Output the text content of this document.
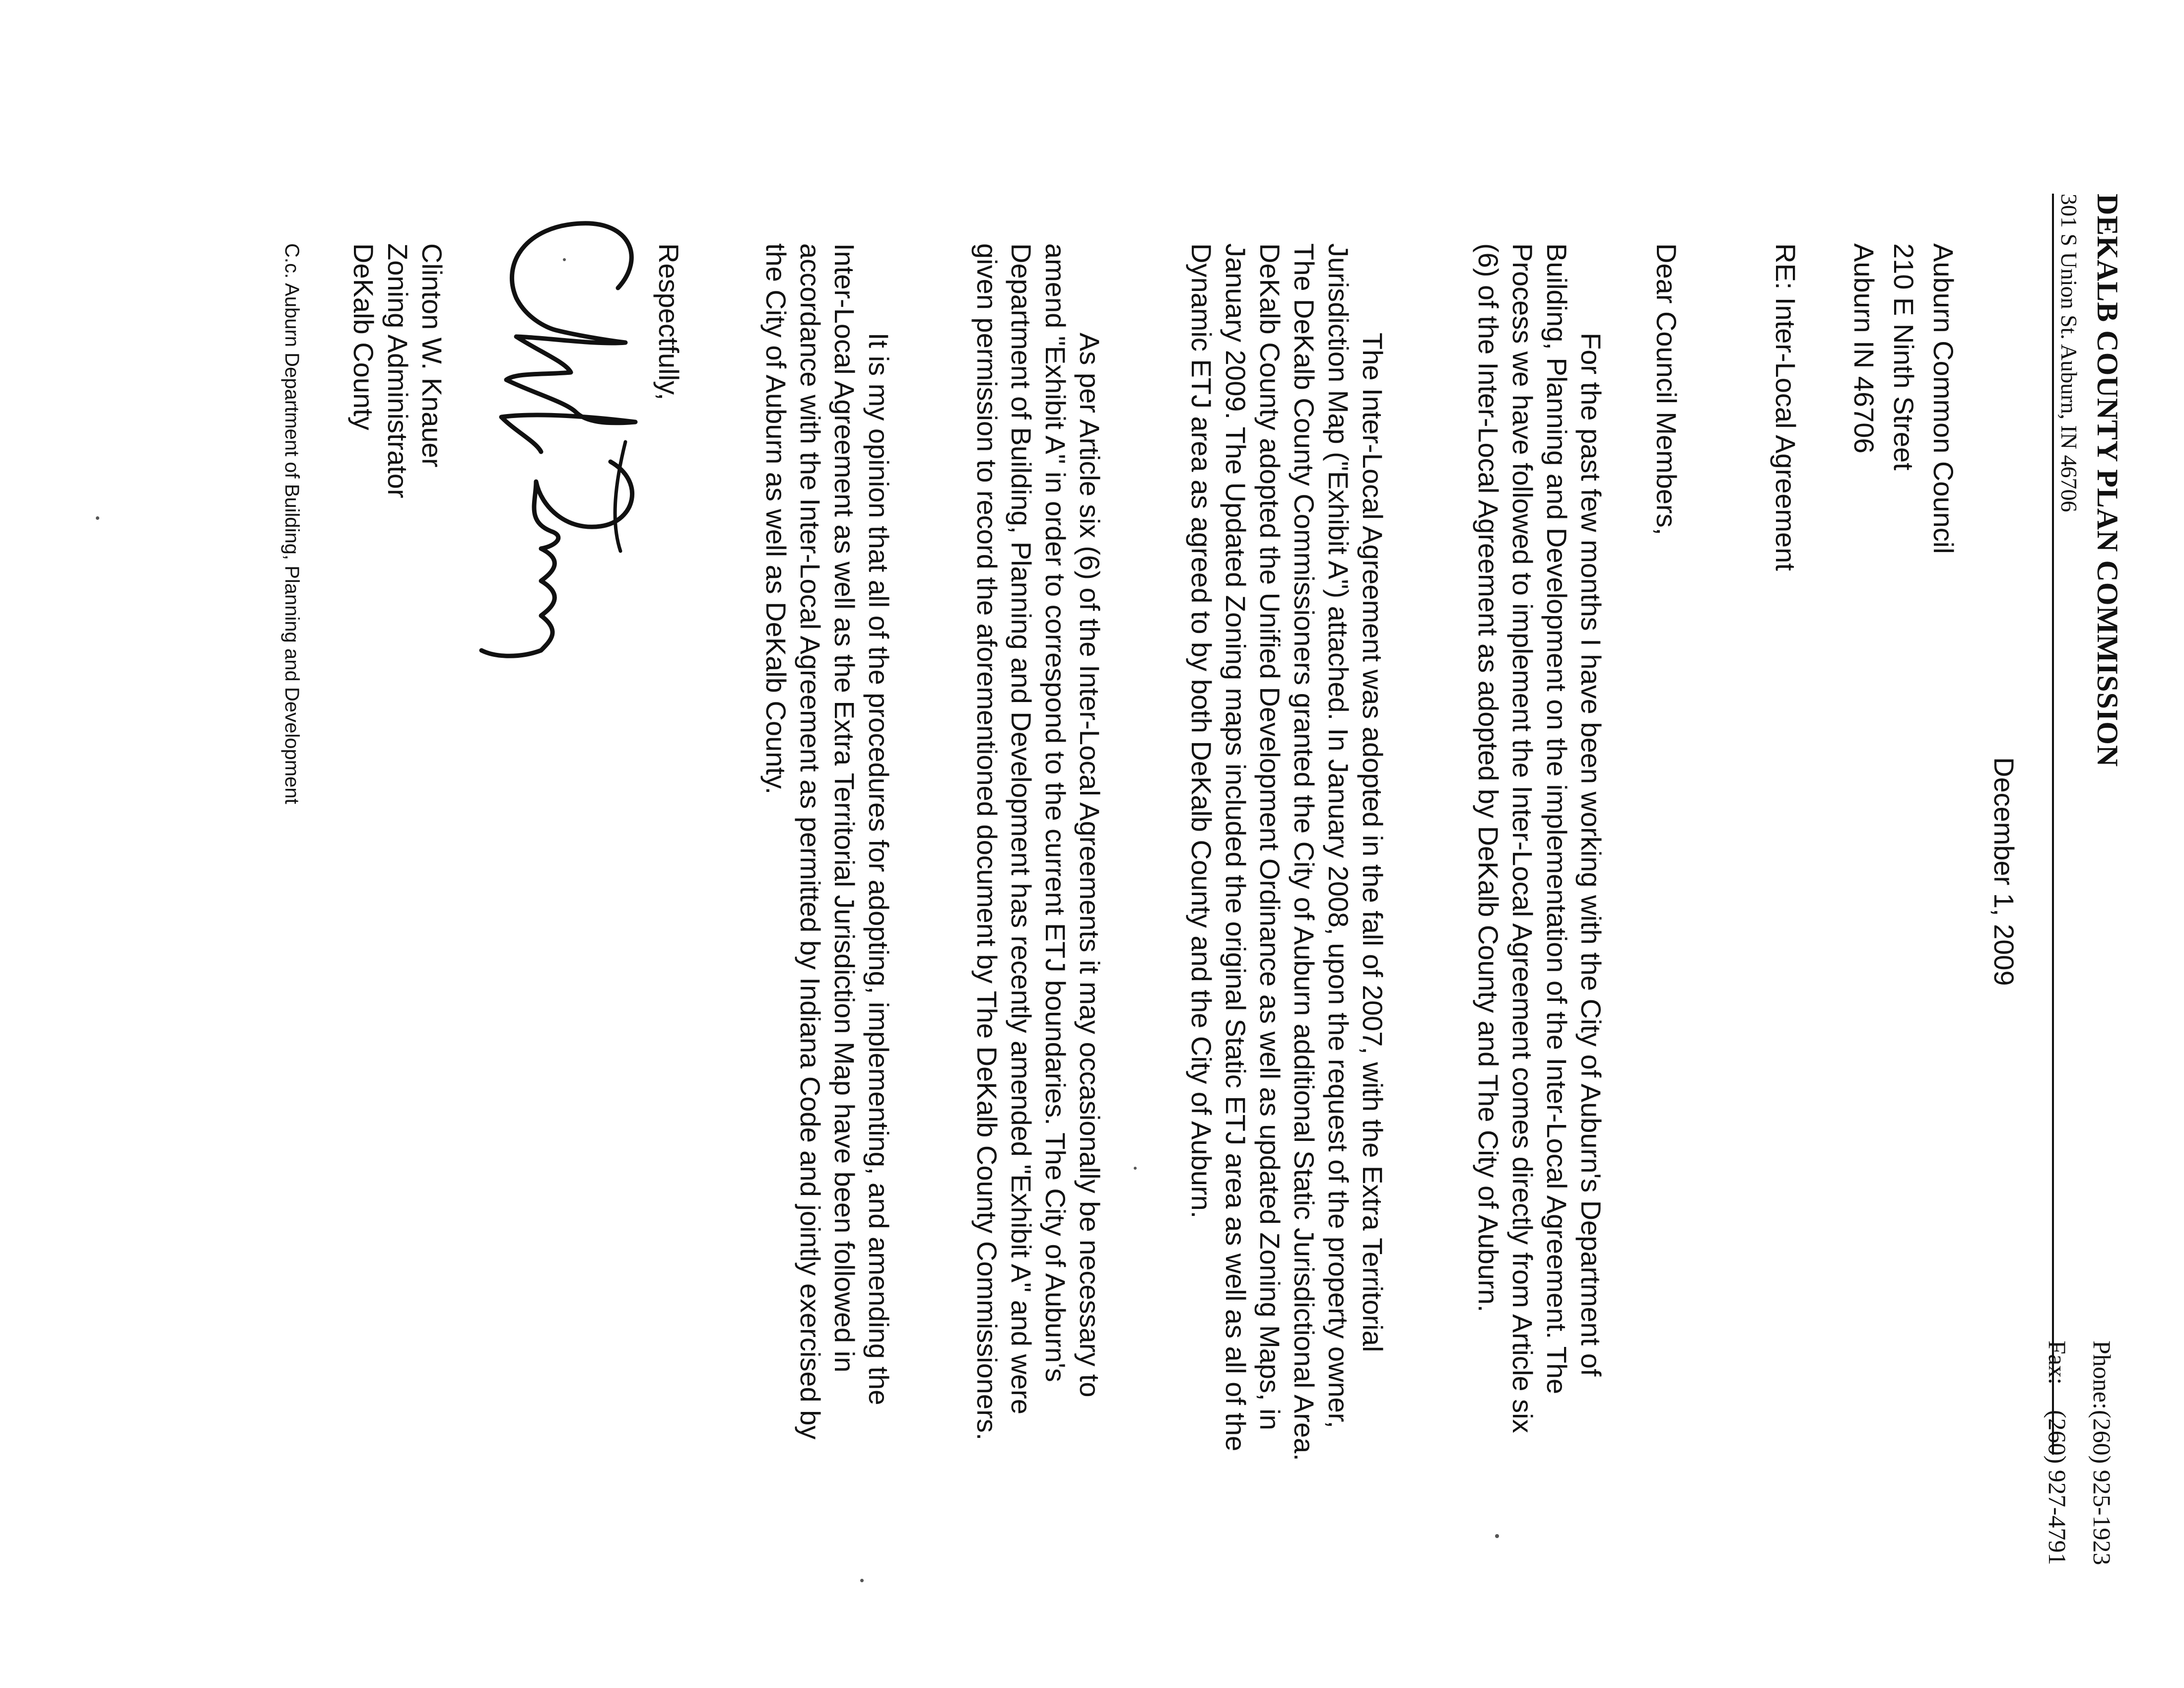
DEKALB COUNTY PLAN COMMISSION
301 S Union St. Auburn, IN 46706
Phone:(260) 925-1923
Fax:(260) 927-4791
December 1, 2009
Auburn Common Council
210 E Ninth Street
Auburn IN 46706
RE: Inter-Local Agreement
Dear Council Members,

For the past few months I have been working with the City of Auburn's Department of Building, Planning and Development on the implementation of the Inter-Local Agreement. The Process we have followed to implement the Inter-Local Agreement comes directly from Article six (6) of the Inter-Local Agreement as adopted by DeKalb County and The City of Auburn.

The Inter-Local Agreement was adopted in the fall of 2007, with the Extra Territorial Jurisdiction Map ("Exhibit A") attached. In January 2008, upon the request of the property owner, The DeKalb County Commissioners granted the City of Auburn additional Static Jurisdictional Area. DeKalb County adopted the Unified Development Ordinance as well as updated Zoning Maps, in January 2009. The Updated Zoning maps included the original Static ETJ area as well as all of the Dynamic ETJ area as agreed to by both DeKalb County and the City of Auburn.

As per Article six (6) of the Inter-Local Agreements it may occasionally be necessary to amend "Exhibit A" in order to correspond to the current ETJ boundaries. The City of Auburn's Department of Building, Planning and Development has recently amended "Exhibit A" and were given permission to record the aforementioned document by The DeKalb County Commissioners.

It is my opinion that all of the procedures for adopting, implementing, and amending the Inter-Local Agreement as well as the Extra Territorial Jurisdiction Map have been followed in accordance with the Inter-Local Agreement as permitted by Indiana Code and jointly exercised by the City of Auburn as well as DeKalb County.

Respectfully,
Clinton W. Knauer
Zoning Administrator
DeKalb County
C.c. Auburn Department of Building, Planning and Development
